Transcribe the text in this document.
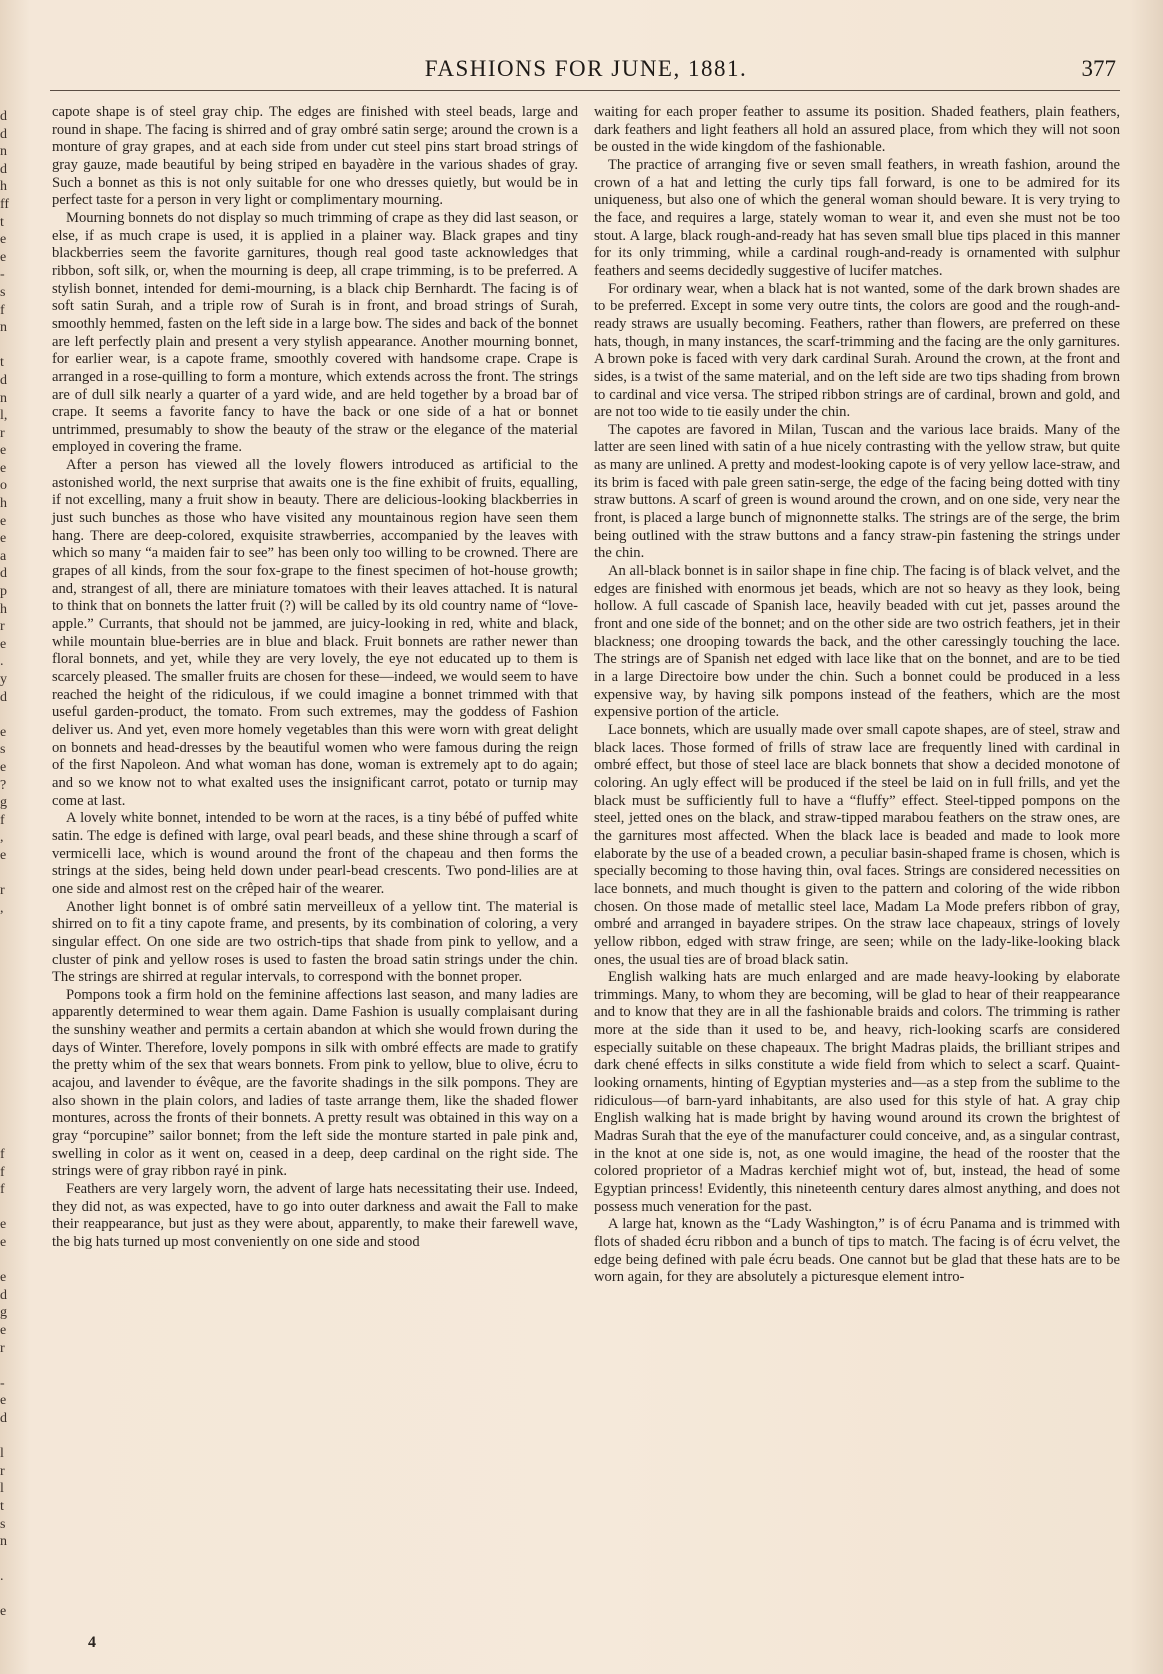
d
d
n
d
h
ff
t
e
e
-
s
f
n
t
d
n
l,
r
e
e
o
h
e
e
a
d
p
h
r
e
.
y
d
e
s
e
?
g
f
,
e
r
,
f
f
f
e
e
e
d
g
e
r
-
e
d
l
r
l
t
s
n
.
e
FASHIONS FOR JUNE, 1881.	377

capote shape is of steel gray chip. The edges are finished with steel beads, large and round in shape. The facing is shirred and of gray ombré satin serge; around the crown is a monture of gray grapes, and at each side from under cut steel pins start broad strings of gray gauze, made beautiful by being striped en bayadère in the various shades of gray. Such a bonnet as this is not only suitable for one who dresses quietly, but would be in perfect taste for a person in very light or complimentary mourning.

Mourning bonnets do not display so much trimming of crape as they did last season, or else, if as much crape is used, it is applied in a plainer way. Black grapes and tiny blackberries seem the favorite garnitures, though real good taste acknowledges that ribbon, soft silk, or, when the mourning is deep, all crape trimming, is to be preferred. A stylish bonnet, intended for demi-mourning, is a black chip Bernhardt. The facing is of soft satin Surah, and a triple row of Surah is in front, and broad strings of Surah, smoothly hemmed, fasten on the left side in a large bow. The sides and back of the bonnet are left perfectly plain and present a very stylish appearance. Another mourning bonnet, for earlier wear, is a capote frame, smoothly covered with handsome crape. Crape is arranged in a rose-quilling to form a monture, which extends across the front. The strings are of dull silk nearly a quarter of a yard wide, and are held together by a broad bar of crape. It seems a favorite fancy to have the back or one side of a hat or bonnet untrimmed, presumably to show the beauty of the straw or the elegance of the material employed in covering the frame.

After a person has viewed all the lovely flowers introduced as artificial to the astonished world, the next surprise that awaits one is the fine exhibit of fruits, equalling, if not excelling, many a fruit show in beauty. There are delicious-looking blackberries in just such bunches as those who have visited any mountainous region have seen them hang. There are deep-colored, exquisite strawberries, accompanied by the leaves with which so many “a maiden fair to see” has been only too willing to be crowned. There are grapes of all kinds, from the sour fox-grape to the finest specimen of hot-house growth; and, strangest of all, there are miniature tomatoes with their leaves attached. It is natural to think that on bonnets the latter fruit (?) will be called by its old country name of “love-apple.” Currants, that should not be jammed, are juicy-looking in red, white and black, while mountain blue-berries are in blue and black. Fruit bonnets are rather newer than floral bonnets, and yet, while they are very lovely, the eye not educated up to them is scarcely pleased. The smaller fruits are chosen for these—indeed, we would seem to have reached the height of the ridiculous, if we could imagine a bonnet trimmed with that useful garden-product, the tomato. From such extremes, may the goddess of Fashion deliver us. And yet, even more homely vegetables than this were worn with great delight on bonnets and head-dresses by the beautiful women who were famous during the reign of the first Napoleon. And what woman has done, woman is extremely apt to do again; and so we know not to what exalted uses the insignificant carrot, potato or turnip may come at last.

A lovely white bonnet, intended to be worn at the races, is a tiny bébé of puffed white satin. The edge is defined with large, oval pearl beads, and these shine through a scarf of vermicelli lace, which is wound around the front of the chapeau and then forms the strings at the sides, being held down under pearl-bead crescents. Two pond-lilies are at one side and almost rest on the crêped hair of the wearer.

Another light bonnet is of ombré satin merveilleux of a yellow tint. The material is shirred on to fit a tiny capote frame, and presents, by its combination of coloring, a very singular effect. On one side are two ostrich-tips that shade from pink to yellow, and a cluster of pink and yellow roses is used to fasten the broad satin strings under the chin. The strings are shirred at regular intervals, to correspond with the bonnet proper.

Pompons took a firm hold on the feminine affections last season, and many ladies are apparently determined to wear them again. Dame Fashion is usually complaisant during the sunshiny weather and permits a certain abandon at which she would frown during the days of Winter. Therefore, lovely pompons in silk with ombré effects are made to gratify the pretty whim of the sex that wears bonnets. From pink to yellow, blue to olive, écru to acajou, and lavender to évêque, are the favorite shadings in the silk pompons. They are also shown in the plain colors, and ladies of taste arrange them, like the shaded flower montures, across the fronts of their bonnets. A pretty result was obtained in this way on a gray “porcupine” sailor bonnet; from the left side the monture started in pale pink and, swelling in color as it went on, ceased in a deep, deep cardinal on the right side. The strings were of gray ribbon rayé in pink.

Feathers are very largely worn, the advent of large hats necessitating their use. Indeed, they did not, as was expected, have to go into outer darkness and await the Fall to make their reappearance, but just as they were about, apparently, to make their farewell wave, the big hats turned up most conveniently on one side and stood

waiting for each proper feather to assume its position. Shaded feathers, plain feathers, dark feathers and light feathers all hold an assured place, from which they will not soon be ousted in the wide kingdom of the fashionable.

The practice of arranging five or seven small feathers, in wreath fashion, around the crown of a hat and letting the curly tips fall forward, is one to be admired for its uniqueness, but also one of which the general woman should beware. It is very trying to the face, and requires a large, stately woman to wear it, and even she must not be too stout. A large, black rough-and-ready hat has seven small blue tips placed in this manner for its only trimming, while a cardinal rough-and-ready is ornamented with sulphur feathers and seems decidedly suggestive of lucifer matches.

For ordinary wear, when a black hat is not wanted, some of the dark brown shades are to be preferred. Except in some very outre tints, the colors are good and the rough-and-ready straws are usually becoming. Feathers, rather than flowers, are preferred on these hats, though, in many instances, the scarf-trimming and the facing are the only garnitures. A brown poke is faced with very dark cardinal Surah. Around the crown, at the front and sides, is a twist of the same material, and on the left side are two tips shading from brown to cardinal and vice versa. The striped ribbon strings are of cardinal, brown and gold, and are not too wide to tie easily under the chin.

The capotes are favored in Milan, Tuscan and the various lace braids. Many of the latter are seen lined with satin of a hue nicely contrasting with the yellow straw, but quite as many are unlined. A pretty and modest-looking capote is of very yellow lace-straw, and its brim is faced with pale green satin-serge, the edge of the facing being dotted with tiny straw buttons. A scarf of green is wound around the crown, and on one side, very near the front, is placed a large bunch of mignonnette stalks. The strings are of the serge, the brim being outlined with the straw buttons and a fancy straw-pin fastening the strings under the chin.

An all-black bonnet is in sailor shape in fine chip. The facing is of black velvet, and the edges are finished with enormous jet beads, which are not so heavy as they look, being hollow. A full cascade of Spanish lace, heavily beaded with cut jet, passes around the front and one side of the bonnet; and on the other side are two ostrich feathers, jet in their blackness; one drooping towards the back, and the other caressingly touching the lace. The strings are of Spanish net edged with lace like that on the bonnet, and are to be tied in a large Directoire bow under the chin. Such a bonnet could be produced in a less expensive way, by having silk pompons instead of the feathers, which are the most expensive portion of the article.

Lace bonnets, which are usually made over small capote shapes, are of steel, straw and black laces. Those formed of frills of straw lace are frequently lined with cardinal in ombré effect, but those of steel lace are black bonnets that show a decided monotone of coloring. An ugly effect will be produced if the steel be laid on in full frills, and yet the black must be sufficiently full to have a “fluffy” effect. Steel-tipped pompons on the steel, jetted ones on the black, and straw-tipped marabou feathers on the straw ones, are the garnitures most affected. When the black lace is beaded and made to look more elaborate by the use of a beaded crown, a peculiar basin-shaped frame is chosen, which is specially becoming to those having thin, oval faces. Strings are considered necessities on lace bonnets, and much thought is given to the pattern and coloring of the wide ribbon chosen. On those made of metallic steel lace, Madam La Mode prefers ribbon of gray, ombré and arranged in bayadere stripes. On the straw lace chapeaux, strings of lovely yellow ribbon, edged with straw fringe, are seen; while on the lady-like-looking black ones, the usual ties are of broad black satin.

English walking hats are much enlarged and are made heavy-looking by elaborate trimmings. Many, to whom they are becoming, will be glad to hear of their reappearance and to know that they are in all the fashionable braids and colors. The trimming is rather more at the side than it used to be, and heavy, rich-looking scarfs are considered especially suitable on these chapeaux. The bright Madras plaids, the brilliant stripes and dark chené effects in silks constitute a wide field from which to select a scarf. Quaint-looking ornaments, hinting of Egyptian mysteries and—as a step from the sublime to the ridiculous—of barn-yard inhabitants, are also used for this style of hat. A gray chip English walking hat is made bright by having wound around its crown the brightest of Madras Surah that the eye of the manufacturer could conceive, and, as a singular contrast, in the knot at one side is, not, as one would imagine, the head of the rooster that the colored proprietor of a Madras kerchief might wot of, but, instead, the head of some Egyptian princess! Evidently, this nineteenth century dares almost anything, and does not possess much veneration for the past.

A large hat, known as the “Lady Washington,” is of écru Panama and is trimmed with flots of shaded écru ribbon and a bunch of tips to match. The facing is of écru velvet, the edge being defined with pale écru beads. One cannot but be glad that these hats are to be worn again, for they are absolutely a picturesque element intro-

4
